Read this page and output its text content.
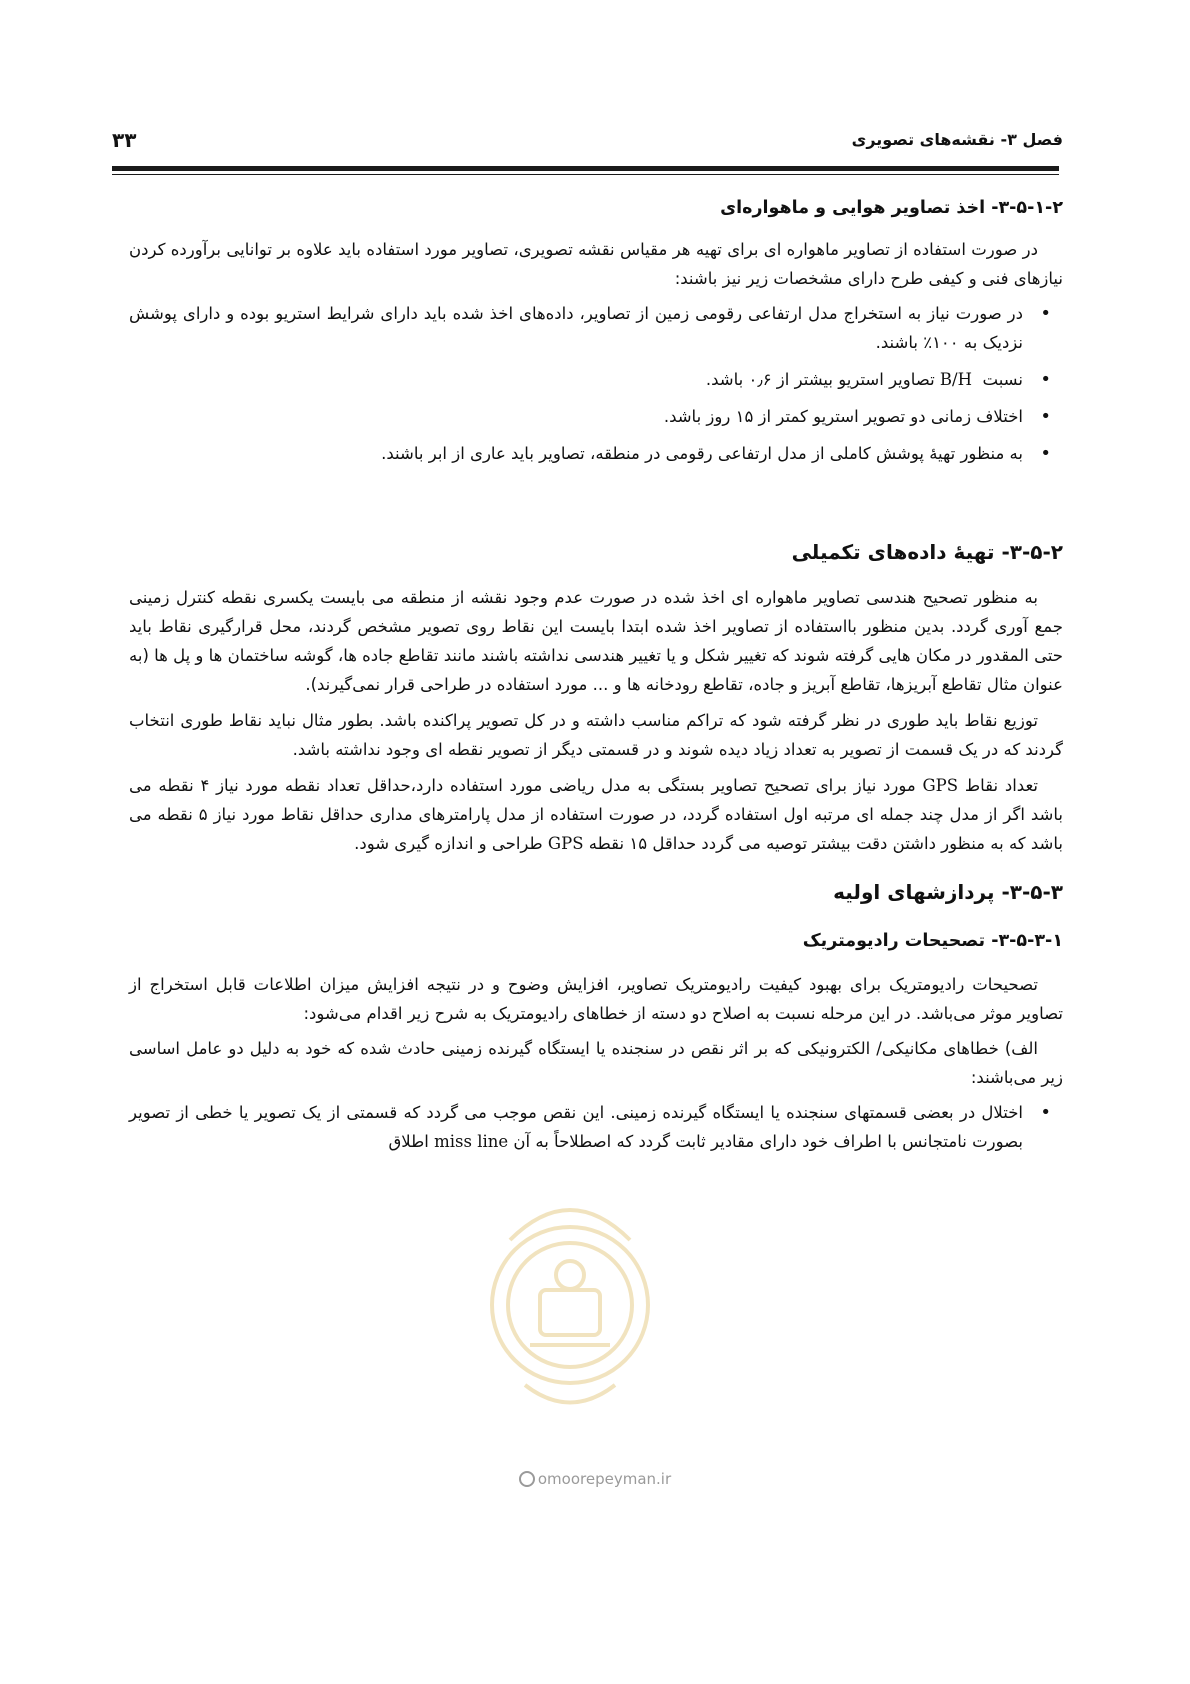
فصل ۳- نقشه‌های تصویری
۳۳
۳-۵-۱-۲- اخذ تصاویر هوایی و ماهواره‌ای

در صورت استفاده از تصاویر ماهواره ای برای تهیه هر مقیاس نقشه تصویری، تصاویر مورد استفاده باید علاوه بر توانایی برآورده کردن نیازهای فنی و کیفی طرح دارای مشخصات زیر نیز باشند:

• در صورت نیاز به استخراج مدل ارتفاعی رقومی زمین از تصاویر، داده‌های اخذ شده باید دارای شرایط استریو بوده و دارای پوشش نزدیک به ۱۰۰٪ باشند.
• نسبت  B/H تصاویر استریو بیشتر از ۰٫۶ باشد.
• اختلاف زمانی دو تصویر استریو کمتر از ۱۵ روز باشد.
• به منظور تهیهٔ پوشش کاملی از مدل ارتفاعی رقومی در منطقه، تصاویر باید عاری از ابر باشند.
۳-۵-۲- تهیهٔ داده‌های تکمیلی

به منظور تصحیح هندسی تصاویر ماهواره ای اخذ شده در صورت عدم وجود نقشه از منطقه می بایست یکسری نقطه کنترل زمینی جمع آوری گردد. بدین منظور بااستفاده از تصاویر اخذ شده ابتدا بایست این نقاط روی تصویر مشخص گردند، محل قرارگیری نقاط باید حتی المقدور در مکان هایی گرفته شوند که تغییر شکل و یا تغییر هندسی نداشته باشند مانند تقاطع جاده ها، گوشه ساختمان ها و پل ها (به عنوان مثال تقاطع آبریزها، تقاطع آبریز و جاده، تقاطع رودخانه ها و ... مورد استفاده در طراحی قرار نمی‌گیرند).

توزیع نقاط باید طوری در نظر گرفته شود که تراکم مناسب داشته و در کل تصویر پراکنده باشد. بطور مثال نباید نقاط طوری انتخاب گردند که در یک قسمت از تصویر به تعداد زیاد دیده شوند و در قسمتی دیگر از تصویر نقطه ای وجود نداشته باشد.

تعداد نقاط GPS مورد نیاز برای تصحیح تصاویر بستگی به مدل ریاضی مورد استفاده دارد،حداقل تعداد نقطه مورد نیاز ۴ نقطه می باشد اگر از مدل چند جمله ای مرتبه اول استفاده گردد، در صورت استفاده از مدل پارامترهای مداری حداقل نقاط مورد نیاز ۵ نقطه می باشد که به منظور داشتن دقت بیشتر توصیه می گردد حداقل ۱۵ نقطه GPS طراحی و اندازه گیری شود.

۳-۵-۳- پردازشهای اولیه
۳-۵-۳-۱- تصحیحات رادیومتریک

تصحیحات رادیومتریک برای بهبود کیفیت رادیومتریک تصاویر، افزایش وضوح و در نتیجه افزایش میزان اطلاعات قابل استخراج از تصاویر موثر می‌باشد. در این مرحله نسبت به اصلاح دو دسته از خطاهای رادیومتریک به شرح زیر اقدام می‌شود:

الف) خطاهای مکانیکی/ الکترونیکی که بر اثر نقص در سنجنده یا ایستگاه گیرنده زمینی حادث شده که خود به دلیل دو عامل اساسی زیر می‌باشند:

• اختلال در بعضی قسمتهای سنجنده یا ایستگاه گیرنده زمینی. این نقص موجب می گردد که قسمتی از یک تصویر یا خطی از تصویر بصورت نامتجانس با اطراف خود دارای مقادیر ثابت گردد که اصطلاحاً به آن miss line اطلاق
omoorepeyman.ir
